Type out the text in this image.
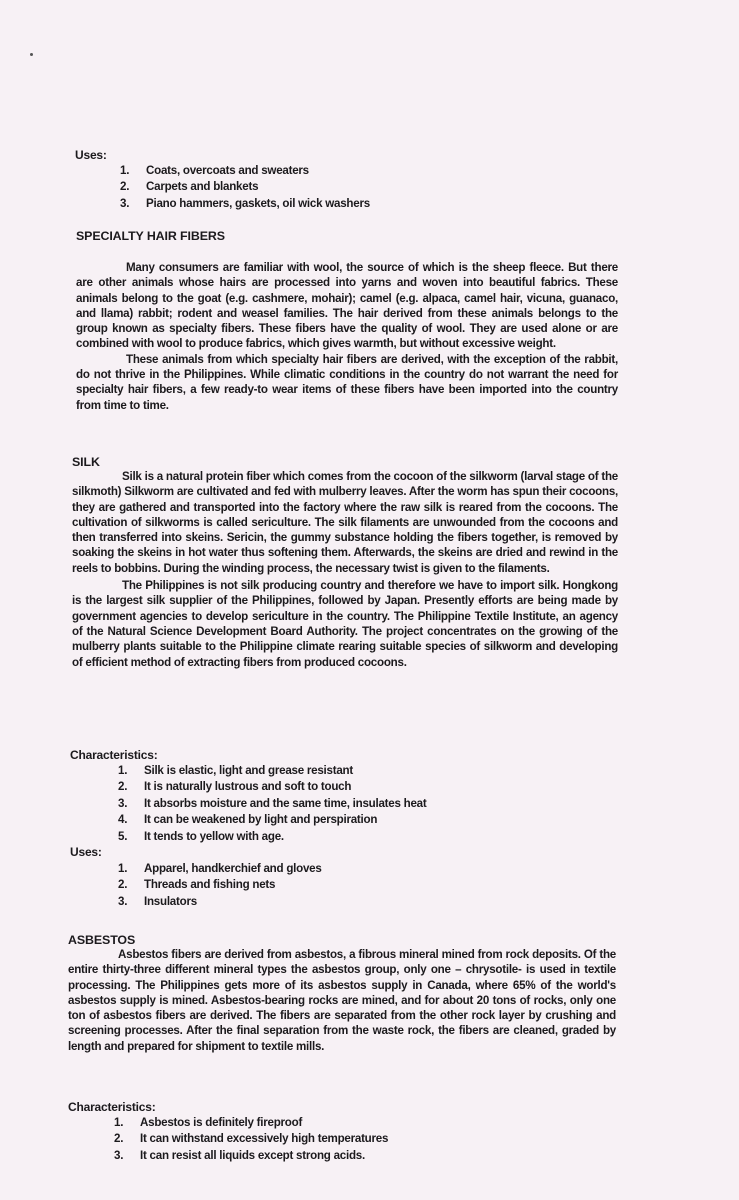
Uses:
1.	Coats, overcoats and sweaters
2.	Carpets and blankets
3.	Piano hammers, gaskets, oil wick washers
SPECIALTY HAIR FIBERS

Many consumers are familiar with wool, the source of which is the sheep fleece. But there are other animals whose hairs are processed into yarns and woven into beautiful fabrics. These animals belong to the goat (e.g. cashmere, mohair); camel (e.g. alpaca, camel hair, vicuna, guanaco, and llama) rabbit; rodent and weasel families. The hair derived from these animals belongs to the group known as specialty fibers. These fibers have the quality of wool. They are used alone or are combined with wool to produce fabrics, which gives warmth, but without excessive weight.

These animals from which specialty hair fibers are derived, with the exception of the rabbit, do not thrive in the Philippines. While climatic conditions in the country do not warrant the need for specialty hair fibers, a few ready-to wear items of these fibers have been imported into the country from time to time.

SILK

Silk is a natural protein fiber which comes from the cocoon of the silkworm (larval stage of the silkmoth) Silkworm are cultivated and fed with mulberry leaves. After the worm has spun their cocoons, they are gathered and transported into the factory where the raw silk is reared from the cocoons. The cultivation of silkworms is called sericulture. The silk filaments are unwounded from the cocoons and then transferred into skeins. Sericin, the gummy substance holding the fibers together, is removed by soaking the skeins in hot water thus softening them. Afterwards, the skeins are dried and rewind in the reels to bobbins. During the winding process, the necessary twist is given to the filaments.

The Philippines is not silk producing country and therefore we have to import silk. Hongkong is the largest silk supplier of the Philippines, followed by Japan. Presently efforts are being made by government agencies to develop sericulture in the country. The Philippine Textile Institute, an agency of the Natural Science Development Board Authority. The project concentrates on the growing of the mulberry plants suitable to the Philippine climate rearing suitable species of silkworm and developing of efficient method of extracting fibers from produced cocoons.

Characteristics:
1.	Silk is elastic, light and grease resistant
2.	It is naturally lustrous and soft to touch
3.	It absorbs moisture and the same time, insulates heat
4.	It can be weakened by light and perspiration
5.	It tends to yellow with age.
Uses:
1.	Apparel, handkerchief and gloves
2.	Threads and fishing nets
3.	Insulators
ASBESTOS

Asbestos fibers are derived from asbestos, a fibrous mineral mined from rock deposits. Of the entire thirty-three different mineral types the asbestos group, only one – chrysotile- is used in textile processing. The Philippines gets more of its asbestos supply in Canada, where 65% of the world's asbestos supply is mined. Asbestos-bearing rocks are mined, and for about 20 tons of rocks, only one ton of asbestos fibers are derived. The fibers are separated from the other rock layer by crushing and screening processes. After the final separation from the waste rock, the fibers are cleaned, graded by length and prepared for shipment to textile mills.

Characteristics:
1.	Asbestos is definitely fireproof
2.	It can withstand excessively high temperatures
3.	It can resist all liquids except strong acids.
